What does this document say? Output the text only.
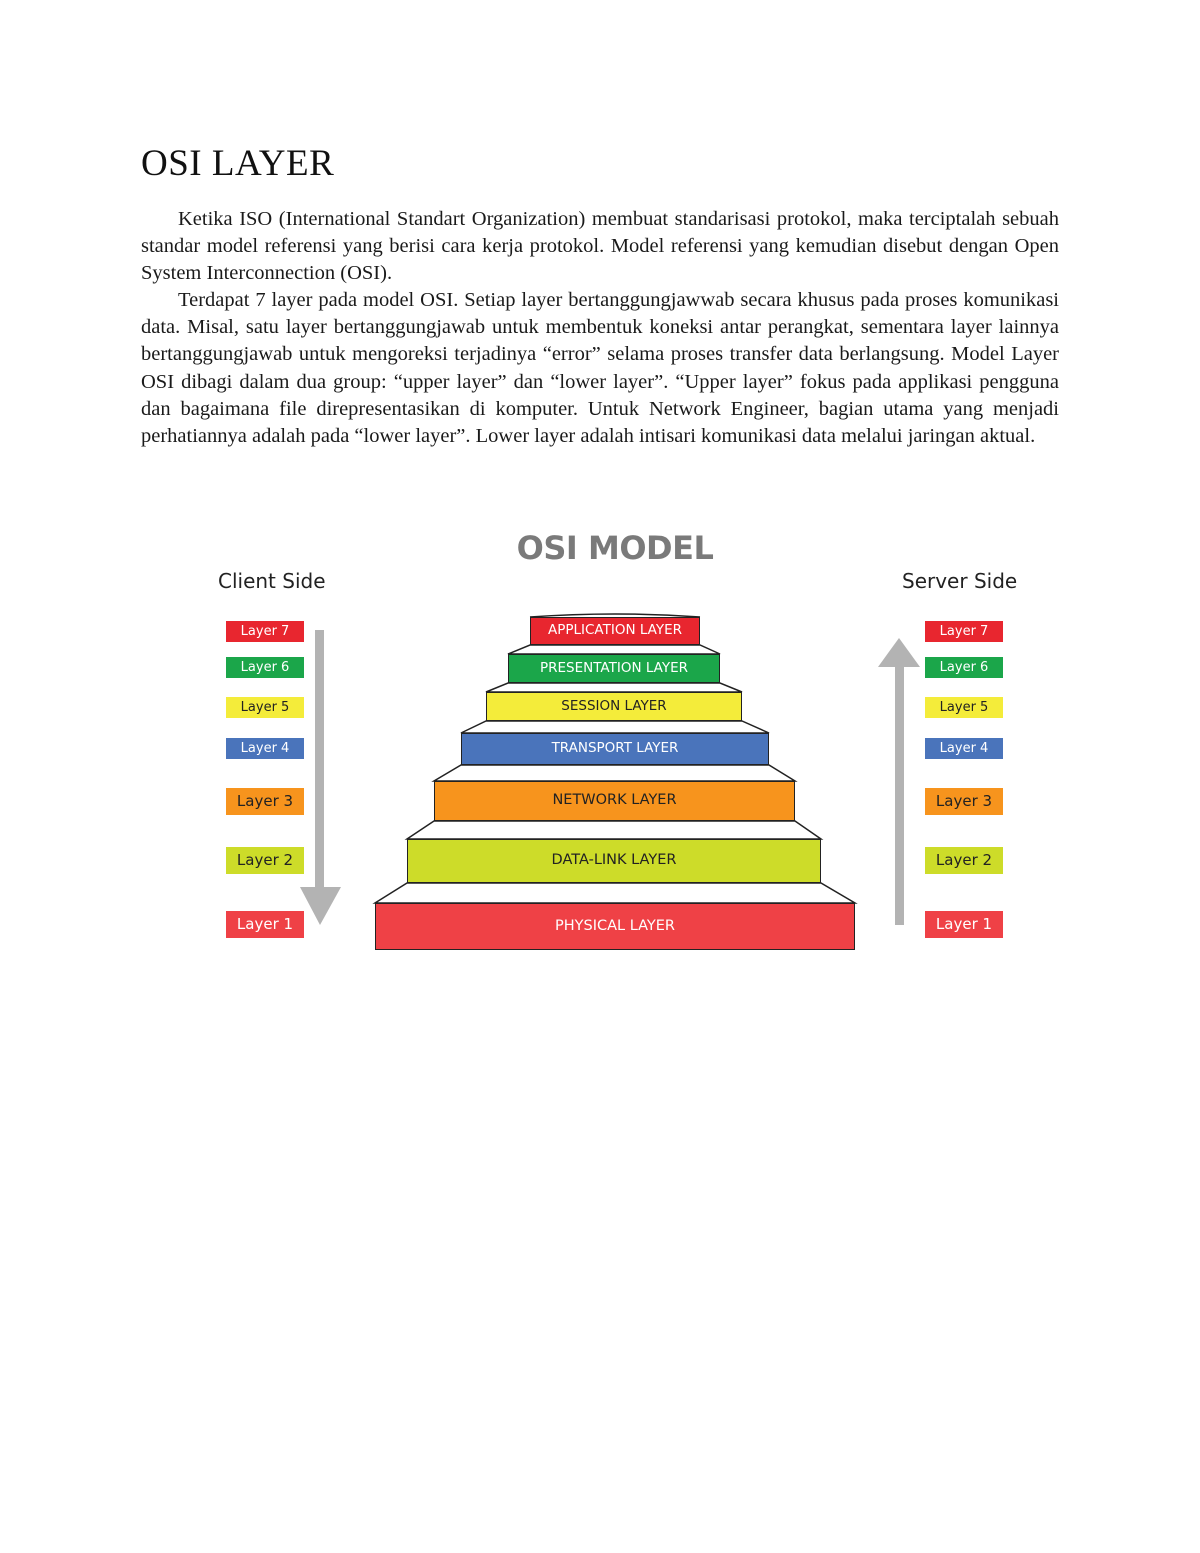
OSI LAYER

Ketika ISO (International Standart Organization) membuat standarisasi protokol, maka terciptalah sebuah standar model referensi yang berisi cara kerja protokol. Model referensi yang kemudian disebut dengan Open System Interconnection (OSI).

Terdapat 7 layer pada model OSI. Setiap layer bertanggungjawwab secara khusus pada proses komunikasi data. Misal, satu layer bertanggungjawab untuk membentuk koneksi antar perangkat, sementara layer lainnya bertanggungjawab untuk mengoreksi terjadinya “error” selama proses transfer data berlangsung. Model Layer OSI dibagi dalam dua group: “upper layer” dan “lower layer”. “Upper layer” fokus pada applikasi pengguna dan bagaimana file direpresentasikan di komputer. Untuk Network Engineer, bagian utama yang menjadi perhatiannya adalah pada “lower layer”. Lower layer adalah intisari komunikasi data melalui jaringan aktual.

OSI MODEL
Client Side	Server Side
Layer 7
Layer 6
Layer 5
Layer 4
Layer 3
Layer 2
Layer 1
Layer 7
Layer 6
Layer 5
Layer 4
Layer 3
Layer 2
Layer 1
APPLICATION LAYER
PRESENTATION LAYER
SESSION LAYER
TRANSPORT LAYER
NETWORK LAYER
DATA-LINK LAYER
PHYSICAL LAYER
